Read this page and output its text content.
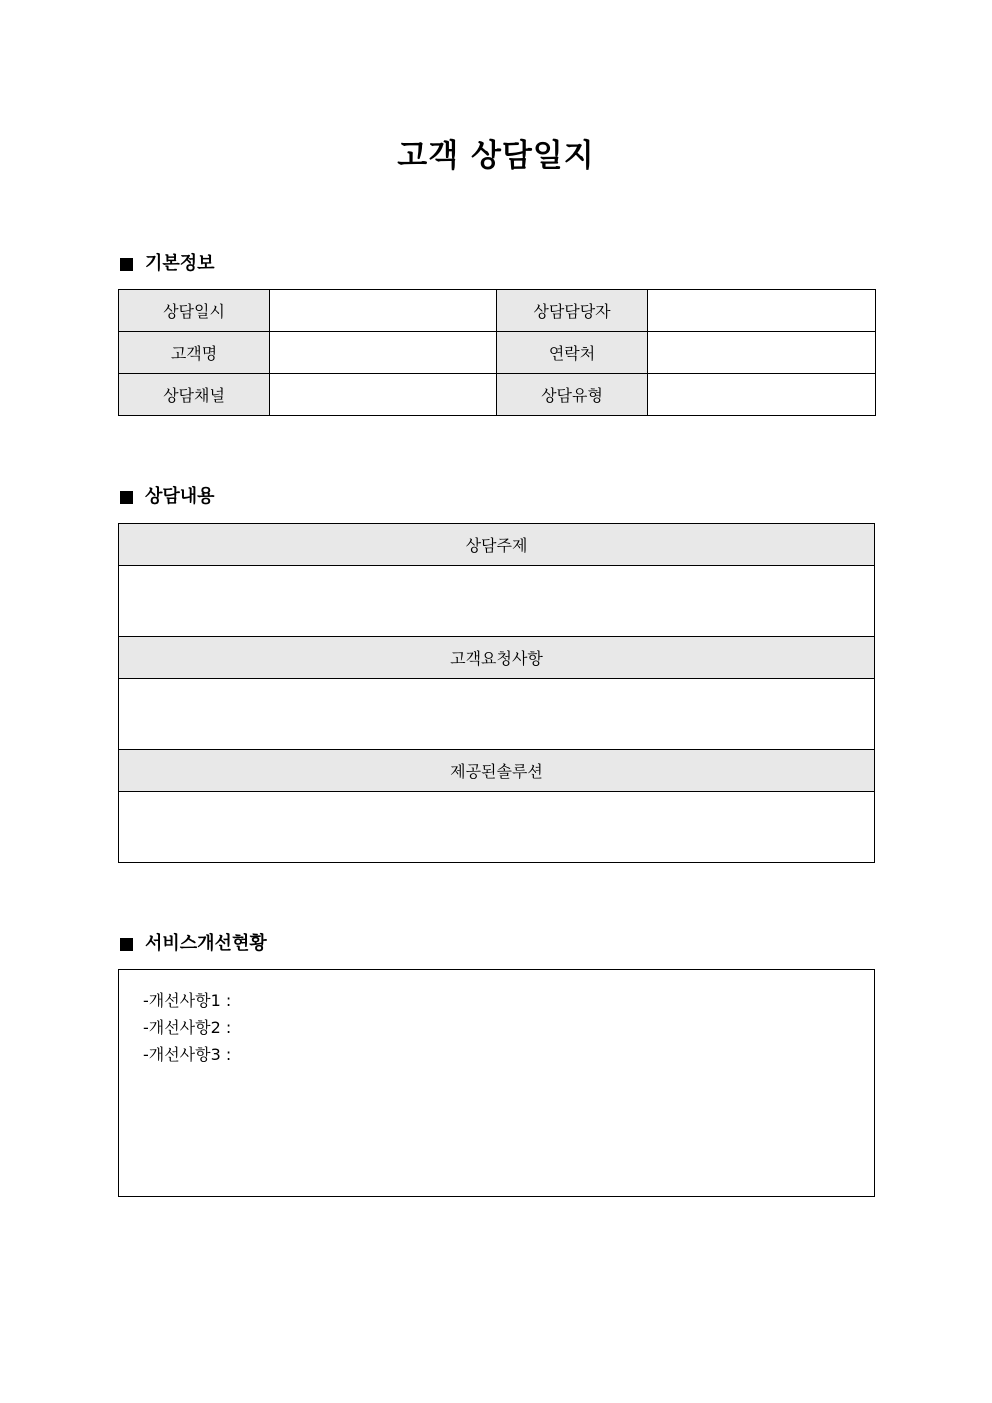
고객 상담일지
기본정보
상담일시		상담담당자	
고객명		연락처	
상담채널		상담유형	
상담내용
상담주제

고객요청사항

제공된솔루션

서비스개선현황
-개선사항1 :
-개선사항2 :
-개선사항3 :
